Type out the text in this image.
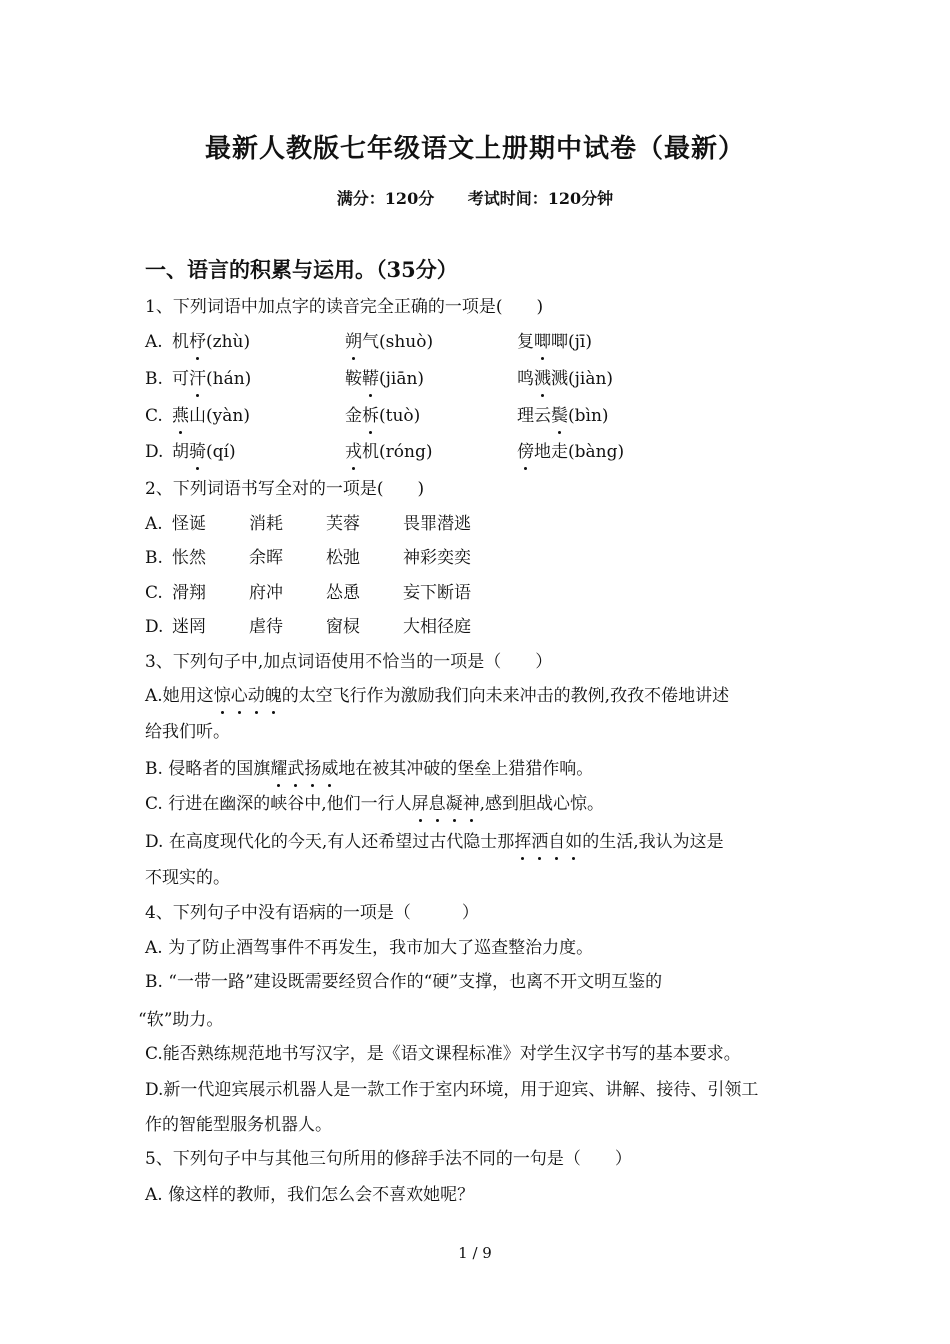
最新人教版七年级语文上册期中试卷（最新）
满分：120分 考试时间：120分钟
一、语言的积累与运用。（35分）
1、下列词语中加点字的读音完全正确的一项是(　　)
A. 机杼(zhù)	朔气(shuò)	复唧唧(jī)
B. 可汗(hán)	鞍鞯(jiān)	鸣溅溅(jiàn)
C. 燕山(yàn)	金柝(tuò)	理云鬓(bìn)
D. 胡骑(qí)	戎机(róng)	傍地走(bàng)
2、下列词语书写全对的一项是(　　)
A. 怪诞	消耗	芙蓉	畏罪潜逃
B. 怅然	余晖	松弛	神彩奕奕
C. 滑翔	府冲	怂恿	妄下断语
D. 迷罔	虐待	窗棂	大相径庭
3、下列句子中,加点词语使用不恰当的一项是（　　）
A.她用这惊心动魄的太空飞行作为激励我们向未来冲击的教例,孜孜不倦地讲述
给我们听。
B. 侵略者的国旗耀武扬威地在被其冲破的堡垒上猎猎作响。
C. 行进在幽深的峡谷中,他们一行人屏息凝神,感到胆战心惊。
D. 在高度现代化的今天,有人还希望过古代隐士那挥洒自如的生活,我认为这是
不现实的。
4、下列句子中没有语病的一项是（　　　）
A. 为了防止酒驾事件不再发生，我市加大了巡查整治力度。
B. “一带一路”建设既需要经贸合作的“硬”支撑，也离不开文明互鉴的
“软”助力。
C.能否熟练规范地书写汉字，是《语文课程标准》对学生汉字书写的基本要求。
D.新一代迎宾展示机器人是一款工作于室内环境，用于迎宾、讲解、接待、引领工
作的智能型服务机器人。
5、下列句子中与其他三句所用的修辞手法不同的一句是（　　）
A. 像这样的教师，我们怎么会不喜欢她呢？
1 / 9
